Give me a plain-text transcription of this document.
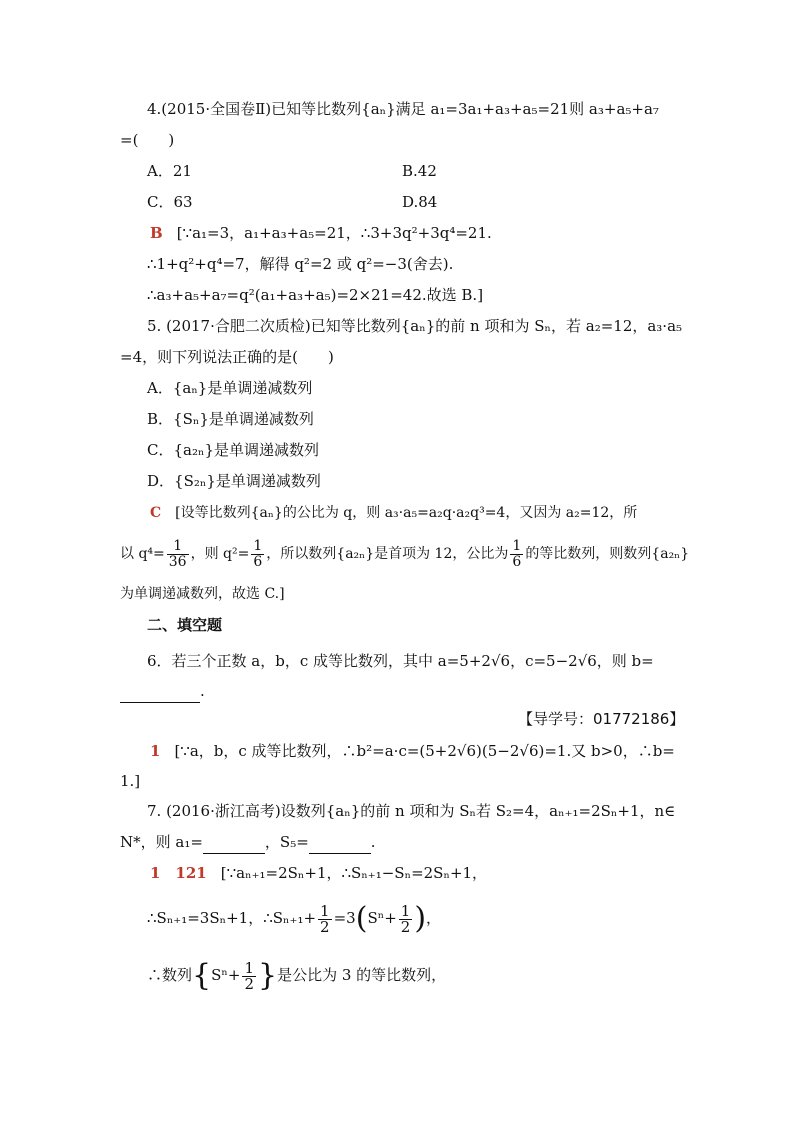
4.(2015·全国卷Ⅱ)已知等比数列{aₙ}满足 a₁=3a₁+a₃+a₅=21则 a₃+a₅+a₇
=(　　)
A．21	B.42
C．63	D.84
B [∵a₁=3，a₁+a₃+a₅=21，∴3+3q²+3q⁴=21.
∴1+q²+q⁴=7，解得 q²=2 或 q²=−3(舍去).
∴a₃+a₅+a₇=q²(a₁+a₃+a₅)=2×21=42.故选 B.]
5. (2017·合肥二次质检)已知等比数列{aₙ}的前 n 项和为 Sₙ，若 a₂=12，a₃·a₅
=4，则下列说法正确的是(　　)
A．{aₙ}是单调递减数列
B．{Sₙ}是单调递减数列
C．{a₂ₙ}是单调递减数列
D．{S₂ₙ}是单调递减数列
C [设等比数列{aₙ}的公比为 q，则 a₃·a₅=a₂q·a₂q³=4，又因为 a₂=12，所
以 $q^4= \frac{1}{36}$ ，则 $q^2= \frac{1}{6}$ ，所以数列{a₂ₙ}是首项为 12，公比为 $\frac{1}{6}$ 的等比数列，则数列{a₂ₙ}
为单调递减数列，故选 C.]
二、填空题
6．若三个正数 a，b，c 成等比数列，其中 a=5+2√6，c=5−2√6，则 b=
.
【导学号：01772186】
1 [∵a，b，c 成等比数列，∴b²=a·c=(5+2√6)(5−2√6)=1.又 b>0，∴b=
1.]
7. (2016·浙江高考)设数列{aₙ}的前 n 项和为 Sₙ若 S₂=4，aₙ₊₁=2Sₙ+1，n∈
N*，则 a₁=	，S₅=	.
1　121 [∵aₙ₊₁=2Sₙ+1，∴Sₙ₊₁−Sₙ=2Sₙ+1，
∴Sₙ₊₁=3Sₙ+1，∴Sₙ₊₁+ $\frac{1}{2} =3(S^n+ \frac{1}{2}$ )，
∴数列{$S^n+ \frac{1}{2}$ }是公比为 3 的等比数列，
